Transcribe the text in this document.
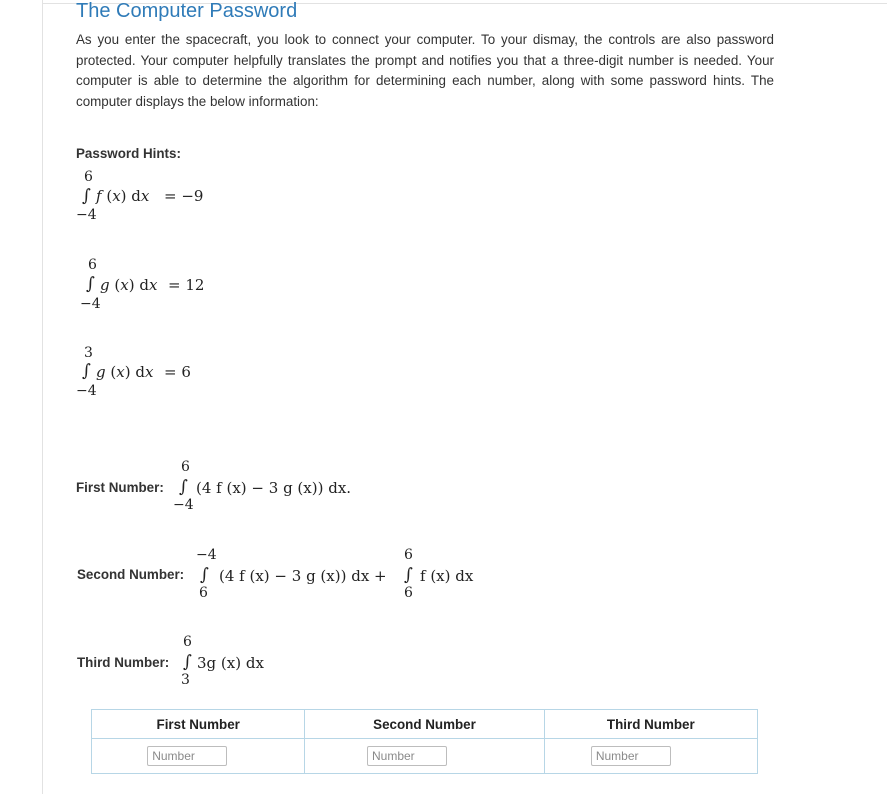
The Computer Password
As you enter the spacecraft, you look to connect your computer. To your dismay, the controls are also password protected. Your computer helpfully translates the prompt and notifies you that a three-digit number is needed. Your computer is able to determine the algorithm for determining each number, along with some password hints. The computer displays the below information:
Password Hints:
6
∫
−4
f (x) dx = −9
6
∫
−4
g (x) dx = 12
3
∫
−4
g (x) dx = 6
First Number:
6
∫
−4
(4 f (x) − 3 g (x)) dx.
Second Number:
−4
∫
6
(4 f (x) − 3 g (x)) dx +
6
∫
6
f (x) dx
Third Number:
6
∫
3
3g (x) dx
First Number	Second Number	Third Number
Number	Number	Number
